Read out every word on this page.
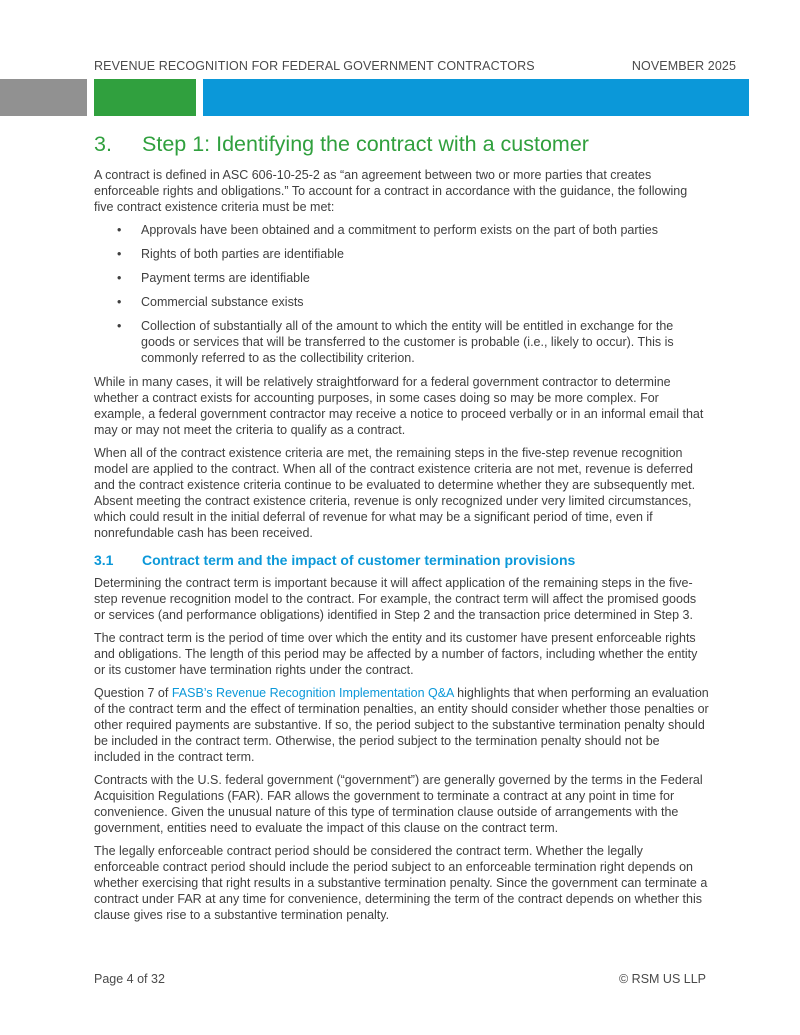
REVENUE RECOGNITION FOR FEDERAL GOVERNMENT CONTRACTORS	NOVEMBER 2025
3.	Step 1: Identifying the contract with a customer

A contract is defined in ASC 606-10-25-2 as “an agreement between two or more parties that creates enforceable rights and obligations.” To account for a contract in accordance with the guidance, the following five contract existence criteria must be met:

• Approvals have been obtained and a commitment to perform exists on the part of both parties
• Rights of both parties are identifiable
• Payment terms are identifiable
• Commercial substance exists
• Collection of substantially all of the amount to which the entity will be entitled in exchange for the goods or services that will be transferred to the customer is probable (i.e., likely to occur). This is commonly referred to as the collectibility criterion.

While in many cases, it will be relatively straightforward for a federal government contractor to determine whether a contract exists for accounting purposes, in some cases doing so may be more complex. For example, a federal government contractor may receive a notice to proceed verbally or in an informal email that may or may not meet the criteria to qualify as a contract.

When all of the contract existence criteria are met, the remaining steps in the five-step revenue recognition model are applied to the contract. When all of the contract existence criteria are not met, revenue is deferred and the contract existence criteria continue to be evaluated to determine whether they are subsequently met. Absent meeting the contract existence criteria, revenue is only recognized under very limited circumstances, which could result in the initial deferral of revenue for what may be a significant period of time, even if nonrefundable cash has been received.

3.1	Contract term and the impact of customer termination provisions

Determining the contract term is important because it will affect application of the remaining steps in the five-step revenue recognition model to the contract. For example, the contract term will affect the promised goods or services (and performance obligations) identified in Step 2 and the transaction price determined in Step 3.

The contract term is the period of time over which the entity and its customer have present enforceable rights and obligations. The length of this period may be affected by a number of factors, including whether the entity or its customer have termination rights under the contract.

Question 7 of FASB’s Revenue Recognition Implementation Q&A highlights that when performing an evaluation of the contract term and the effect of termination penalties, an entity should consider whether those penalties or other required payments are substantive. If so, the period subject to the substantive termination penalty should be included in the contract term. Otherwise, the period subject to the termination penalty should not be included in the contract term.

Contracts with the U.S. federal government (“government”) are generally governed by the terms in the Federal Acquisition Regulations (FAR). FAR allows the government to terminate a contract at any point in time for convenience. Given the unusual nature of this type of termination clause outside of arrangements with the government, entities need to evaluate the impact of this clause on the contract term.

The legally enforceable contract period should be considered the contract term. Whether the legally enforceable contract period should include the period subject to an enforceable termination right depends on whether exercising that right results in a substantive termination penalty. Since the government can terminate a contract under FAR at any time for convenience, determining the term of the contract depends on whether this clause gives rise to a substantive termination penalty.

Page 4 of 32	© RSM US LLP
